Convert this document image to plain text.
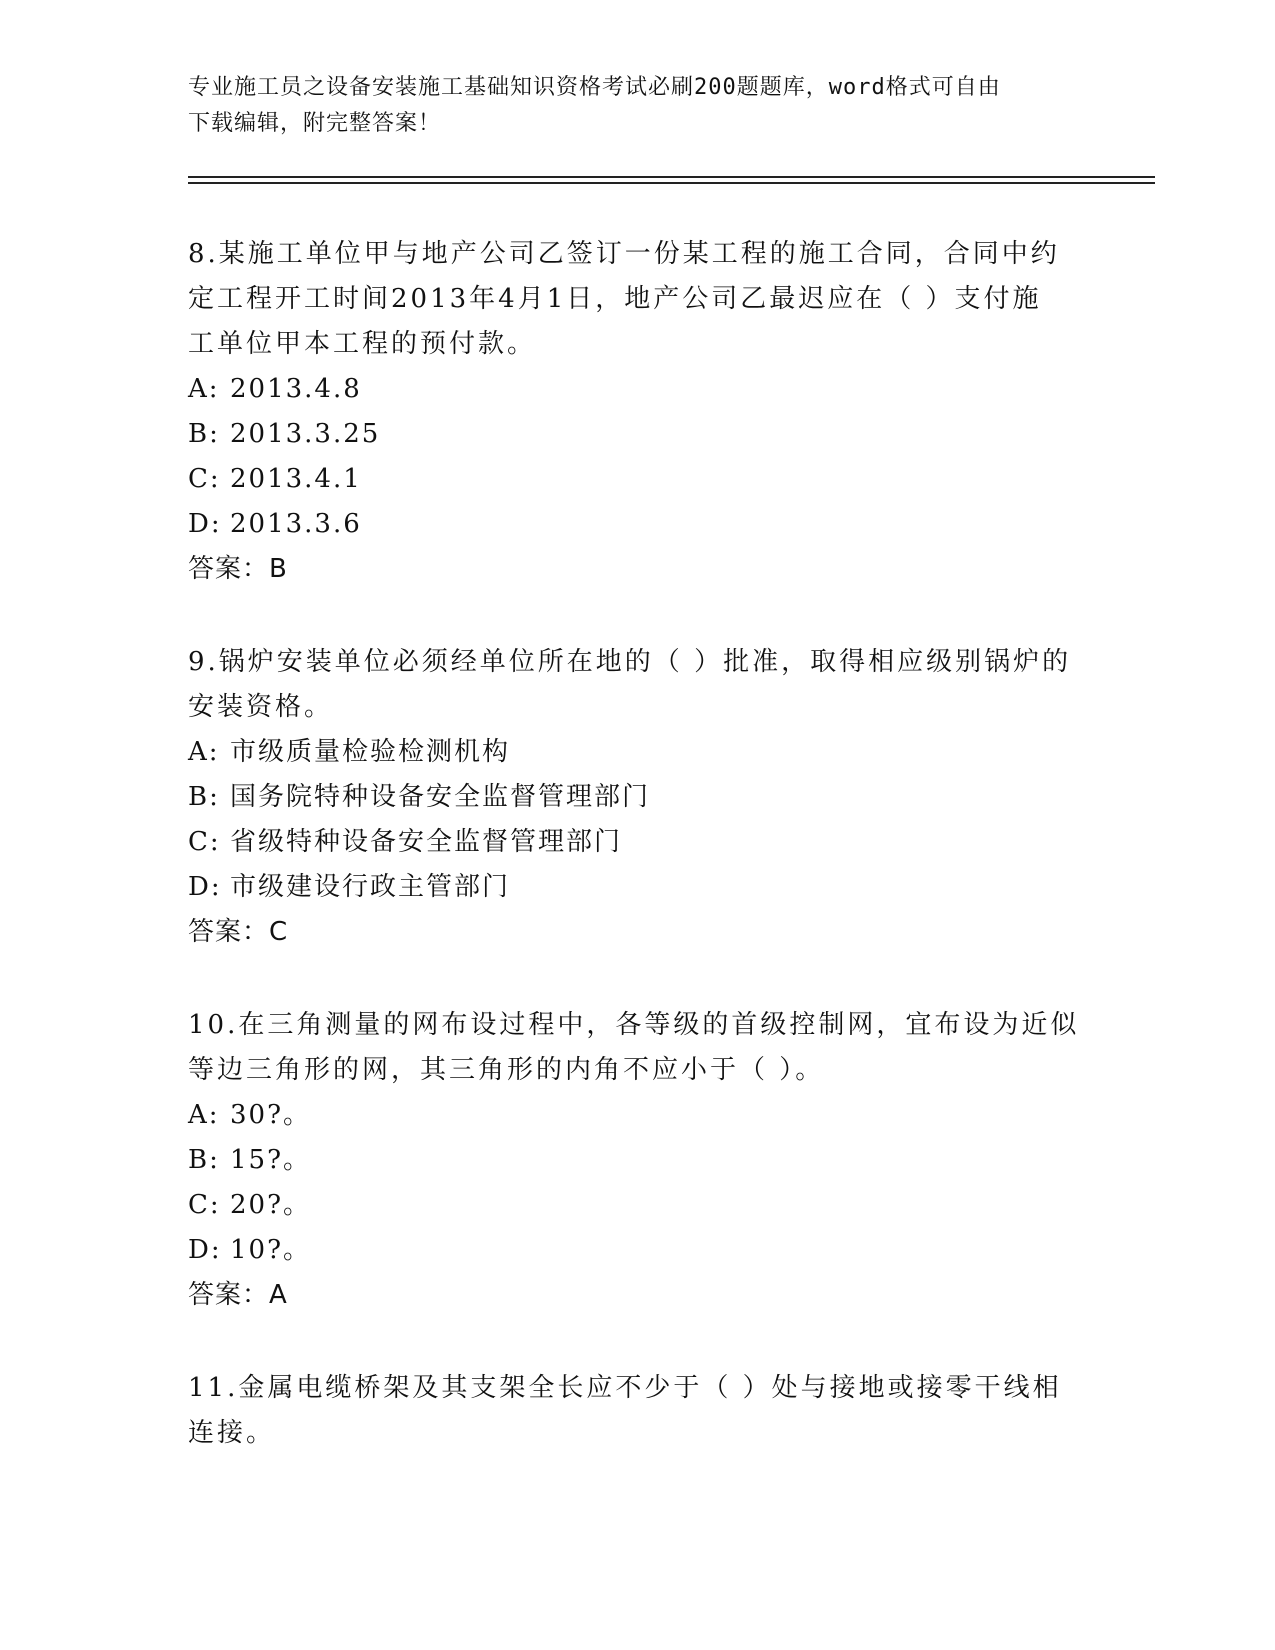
专业施工员之设备安装施工基础知识资格考试必刷200题题库，word格式可自由
下载编辑，附完整答案！

8.某施工单位甲与地产公司乙签订一份某工程的施工合同，合同中约

定工程开工时间2013年4月1日，地产公司乙最迟应在（ ）支付施

工单位甲本工程的预付款。

A: 2013.4.8

B: 2013.3.25

C: 2013.4.1

D: 2013.3.6

答案：B

9.锅炉安装单位必须经单位所在地的（ ）批准，取得相应级别锅炉的

安装资格。

A: 市级质量检验检测机构

B: 国务院特种设备安全监督管理部门

C: 省级特种设备安全监督管理部门

D: 市级建设行政主管部门

答案：C

10.在三角测量的网布设过程中，各等级的首级控制网，宜布设为近似

等边三角形的网，其三角形的内角不应小于（ ）。

A: 30?。

B: 15?。

C: 20?。

D: 10?。

答案：A

11.金属电缆桥架及其支架全长应不少于（ ）处与接地或接零干线相

连接。
